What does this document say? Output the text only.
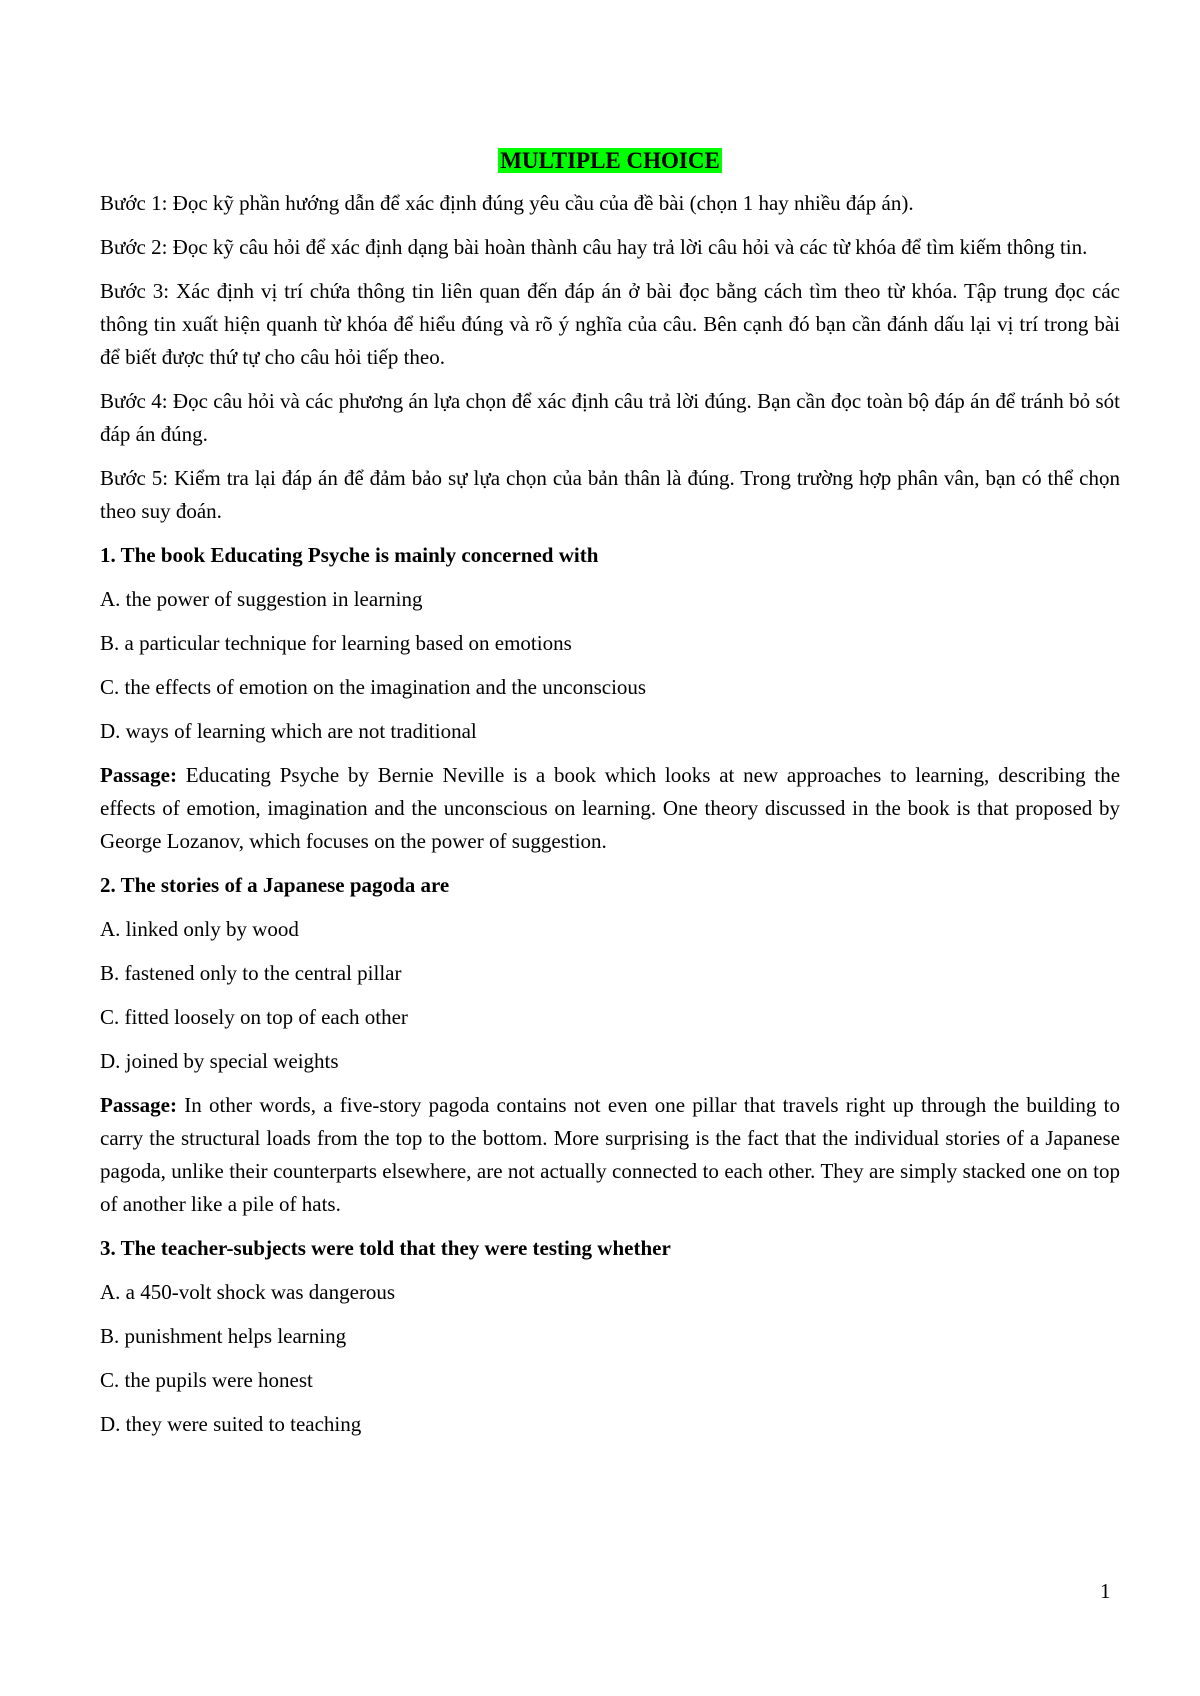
MULTIPLE CHOICE

Bước 1: Đọc kỹ phần hướng dẫn để xác định đúng yêu cầu của đề bài (chọn 1 hay nhiều đáp án).

Bước 2: Đọc kỹ câu hỏi để xác định dạng bài hoàn thành câu hay trả lời câu hỏi và các từ khóa để tìm kiếm thông tin.

Bước 3: Xác định vị trí chứa thông tin liên quan đến đáp án ở bài đọc bằng cách tìm theo từ khóa. Tập trung đọc các thông tin xuất hiện quanh từ khóa để hiểu đúng và rõ ý nghĩa của câu. Bên cạnh đó bạn cần đánh dấu lại vị trí trong bài để biết được thứ tự cho câu hỏi tiếp theo.

Bước 4: Đọc câu hỏi và các phương án lựa chọn để xác định câu trả lời đúng. Bạn cần đọc toàn bộ đáp án để tránh bỏ sót đáp án đúng.

Bước 5: Kiểm tra lại đáp án để đảm bảo sự lựa chọn của bản thân là đúng. Trong trường hợp phân vân, bạn có thể chọn theo suy đoán.

1. The book Educating Psyche is mainly concerned with

A. the power of suggestion in learning

B. a particular technique for learning based on emotions

C. the effects of emotion on the imagination and the unconscious

D. ways of learning which are not traditional

Passage: Educating Psyche by Bernie Neville is a book which looks at new approaches to learning, describing the effects of emotion, imagination and the unconscious on learning. One theory discussed in the book is that proposed by George Lozanov, which focuses on the power of suggestion.

2. The stories of a Japanese pagoda are

A. linked only by wood

B. fastened only to the central pillar

C. fitted loosely on top of each other

D. joined by special weights

Passage: In other words, a five-story pagoda contains not even one pillar that travels right up through the building to carry the structural loads from the top to the bottom. More surprising is the fact that the individual stories of a Japanese pagoda, unlike their counterparts elsewhere, are not actually connected to each other. They are simply stacked one on top of another like a pile of hats.

3. The teacher-subjects were told that they were testing whether

A. a 450-volt shock was dangerous

B. punishment helps learning

C. the pupils were honest

D. they were suited to teaching

1
